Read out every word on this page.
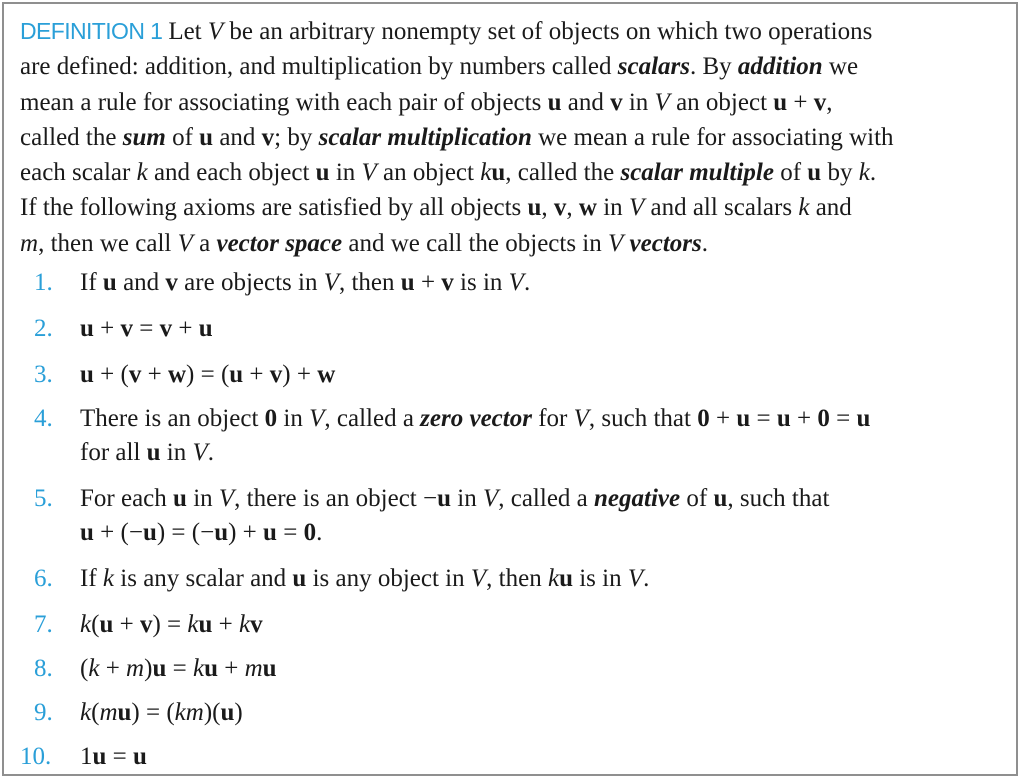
DEFINITION 1 Let V be an arbitrary nonempty set of objects on which two operations

are defined: addition, and multiplication by numbers called scalars. By addition we

mean a rule for associating with each pair of objects u and v in V an object u + v,

called the sum of u and v; by scalar multiplication we mean a rule for associating with

each scalar k and each object u in V an object ku, called the scalar multiple of u by k.

If the following axioms are satisfied by all objects u, v, w in V and all scalars k and

m, then we call V a vector space and we call the objects in V vectors.

1. If u and v are objects in V, then u + v is in V.

2. u + v = v + u

3. u + (v + w) = (u + v) + w

4. There is an object 0 in V, called a zero vector for V, such that 0 + u = u + 0 = u
for all u in V.

5. For each u in V, there is an object −u in V, called a negative of u, such that
u + (−u) = (−u) + u = 0.

6. If k is any scalar and u is any object in V, then ku is in V.

7. k(u + v) = ku + kv

8. (k + m)u = ku + mu

9. k(mu) = (km)(u)

10. 1u = u
